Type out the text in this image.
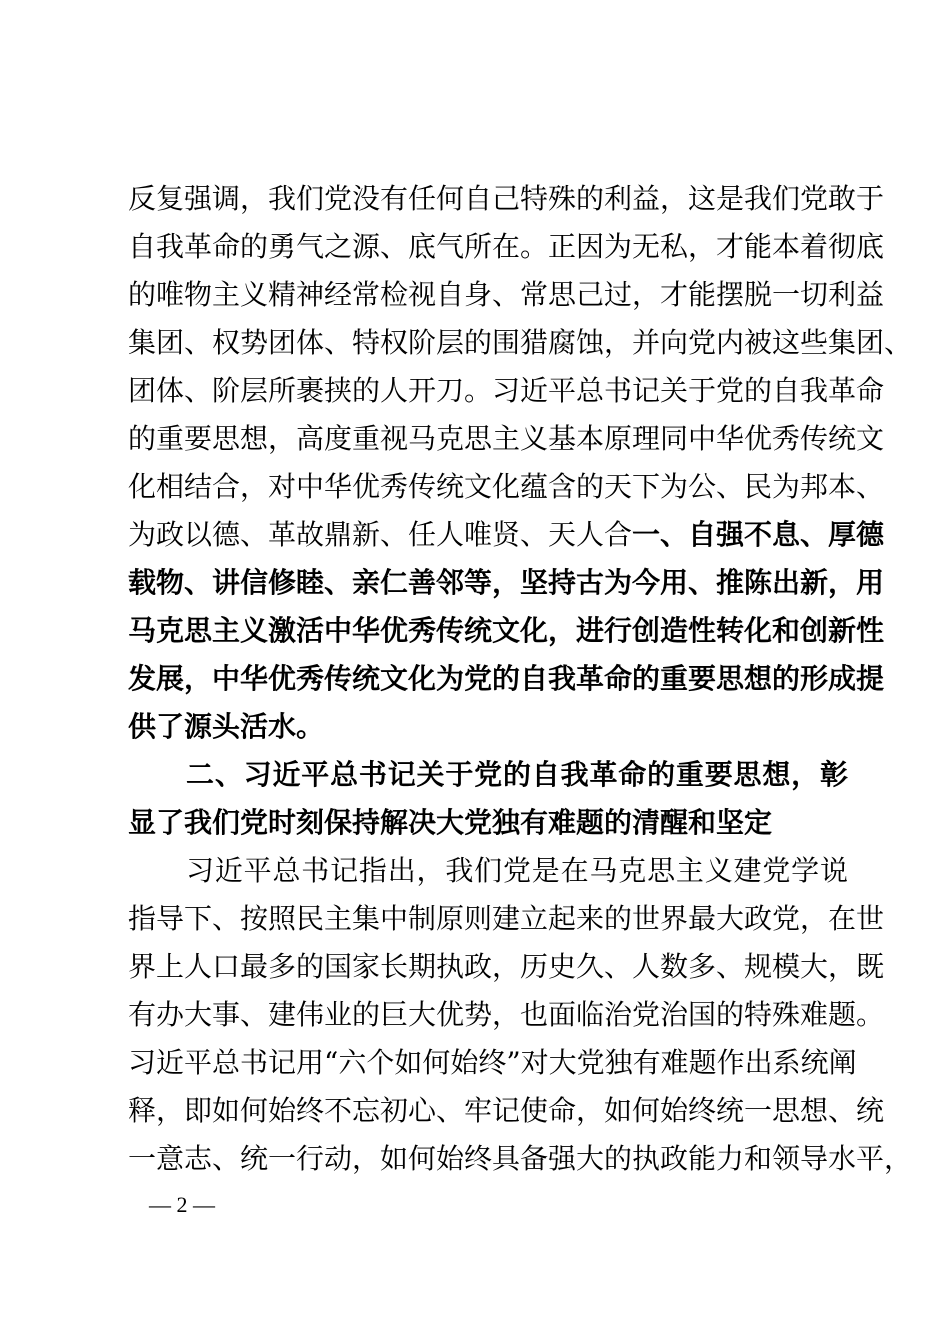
反复强调，我们党没有任何自己特殊的利益，这是我们党敢于
自我革命的勇气之源、底气所在。正因为无私，才能本着彻底
的唯物主义精神经常检视自身、常思己过，才能摆脱一切利益
集团、权势团体、特权阶层的围猎腐蚀，并向党内被这些集团、
团体、阶层所裹挟的人开刀。习近平总书记关于党的自我革命
的重要思想，高度重视马克思主义基本原理同中华优秀传统文
化相结合，对中华优秀传统文化蕴含的天下为公、民为邦本、
为政以德、革故鼎新、任人唯贤、天人合一、自强不息、厚德
载物、讲信修睦、亲仁善邻等，坚持古为今用、推陈出新，用
马克思主义激活中华优秀传统文化，进行创造性转化和创新性
发展，中华优秀传统文化为党的自我革命的重要思想的形成提
供了源头活水。
二、习近平总书记关于党的自我革命的重要思想，彰
显了我们党时刻保持解决大党独有难题的清醒和坚定
习近平总书记指出，我们党是在马克思主义建党学说
指导下、按照民主集中制原则建立起来的世界最大政党，在世
界上人口最多的国家长期执政，历史久、人数多、规模大，既
有办大事、建伟业的巨大优势，也面临治党治国的特殊难题。
习近平总书记用“六个如何始终”对大党独有难题作出系统阐
释，即如何始终不忘初心、牢记使命，如何始终统一思想、统
一意志、统一行动，如何始终具备强大的执政能力和领导水平，
— 2 —
